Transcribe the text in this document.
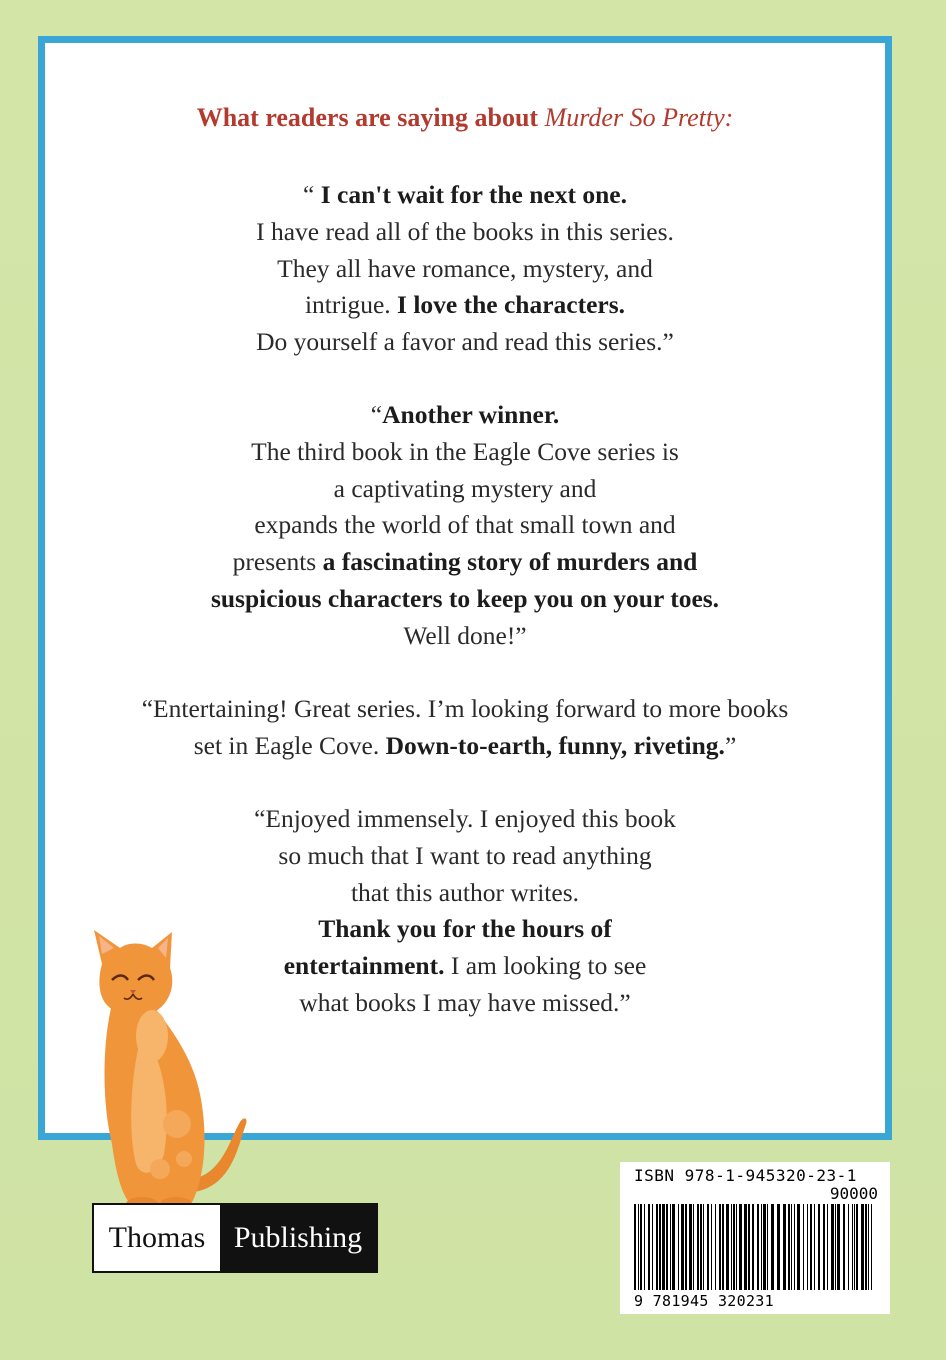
What readers are saying about Murder So Pretty:
“ I can't wait for the next one.
I have read all of the books in this series.
They all have romance, mystery, and
intrigue. I love the characters.
Do yourself a favor and read this series.”
“Another winner.
The third book in the Eagle Cove series is
a captivating mystery and
expands the world of that small town and
presents a fascinating story of murders and
suspicious characters to keep you on your toes.
Well done!”
“Entertaining! Great series. I’m looking forward to more books
set in Eagle Cove. Down-to-earth, funny, riveting.”
“Enjoyed immensely. I enjoyed this book
so much that I want to read anything
that this author writes.
Thank you for the hours of
entertainment. I am looking to see
what books I may have missed.”
Thomas Publishing
ISBN 978-1-945320-23-1
90000
9 781945 320231
